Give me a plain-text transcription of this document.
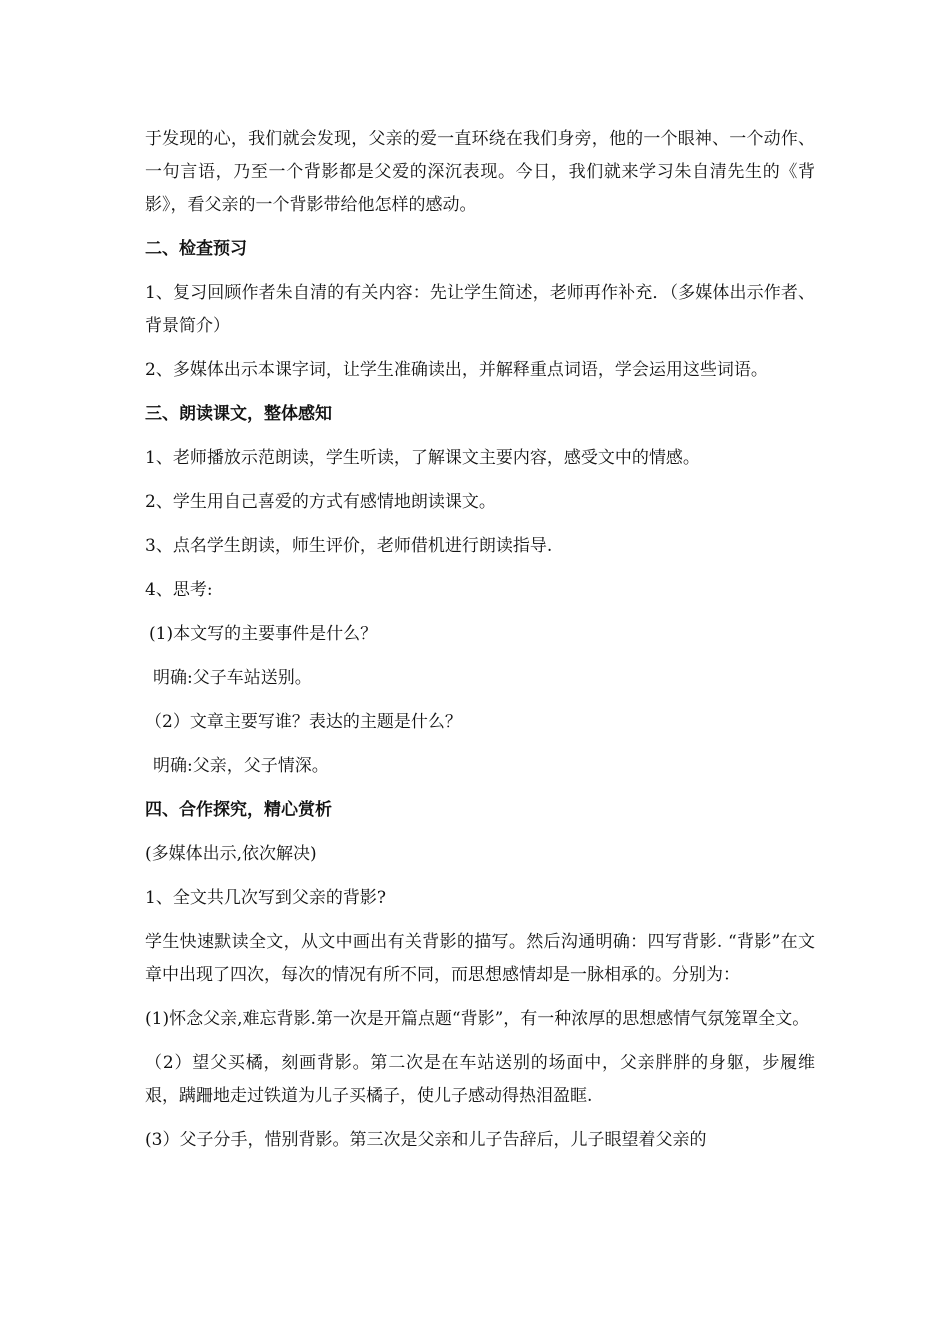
于发现的心，我们就会发现，父亲的爱一直环绕在我们身旁，他的一个眼神、一个动作、一句言语，乃至一个背影都是父爱的深沉表现。今日，我们就来学习朱自清先生的《背影》，看父亲的一个背影带给他怎样的感动。

二、检查预习

1、复习回顾作者朱自清的有关内容：先让学生简述，老师再作补充．（多媒体出示作者、背景简介）

2、多媒体出示本课字词，让学生准确读出，并解释重点词语，学会运用这些词语。

三、朗读课文，整体感知

1、老师播放示范朗读，学生听读，了解课文主要内容，感受文中的情感。

2、学生用自己喜爱的方式有感情地朗读课文。

3、点名学生朗读，师生评价，老师借机进行朗读指导.

4、思考:

(1)本文写的主要事件是什么？

明确:父子车站送别。

（2）文章主要写谁？表达的主题是什么？

明确:父亲，父子情深。

四、合作探究，精心赏析

(多媒体出示,依次解决)

1、全文共几次写到父亲的背影?

学生快速默读全文，从文中画出有关背影的描写。然后沟通明确：四写背影. “背影”在文章中出现了四次，每次的情况有所不同，而思想感情却是一脉相承的。分别为：

(1)怀念父亲,难忘背影.第一次是开篇点题“背影”，有一种浓厚的思想感情气氛笼罩全文。

（2）望父买橘，刻画背影。第二次是在车站送别的场面中，父亲胖胖的身躯，步履维艰，蹒跚地走过铁道为儿子买橘子，使儿子感动得热泪盈眶.

(3）父子分手，惜别背影。第三次是父亲和儿子告辞后，儿子眼望着父亲的
